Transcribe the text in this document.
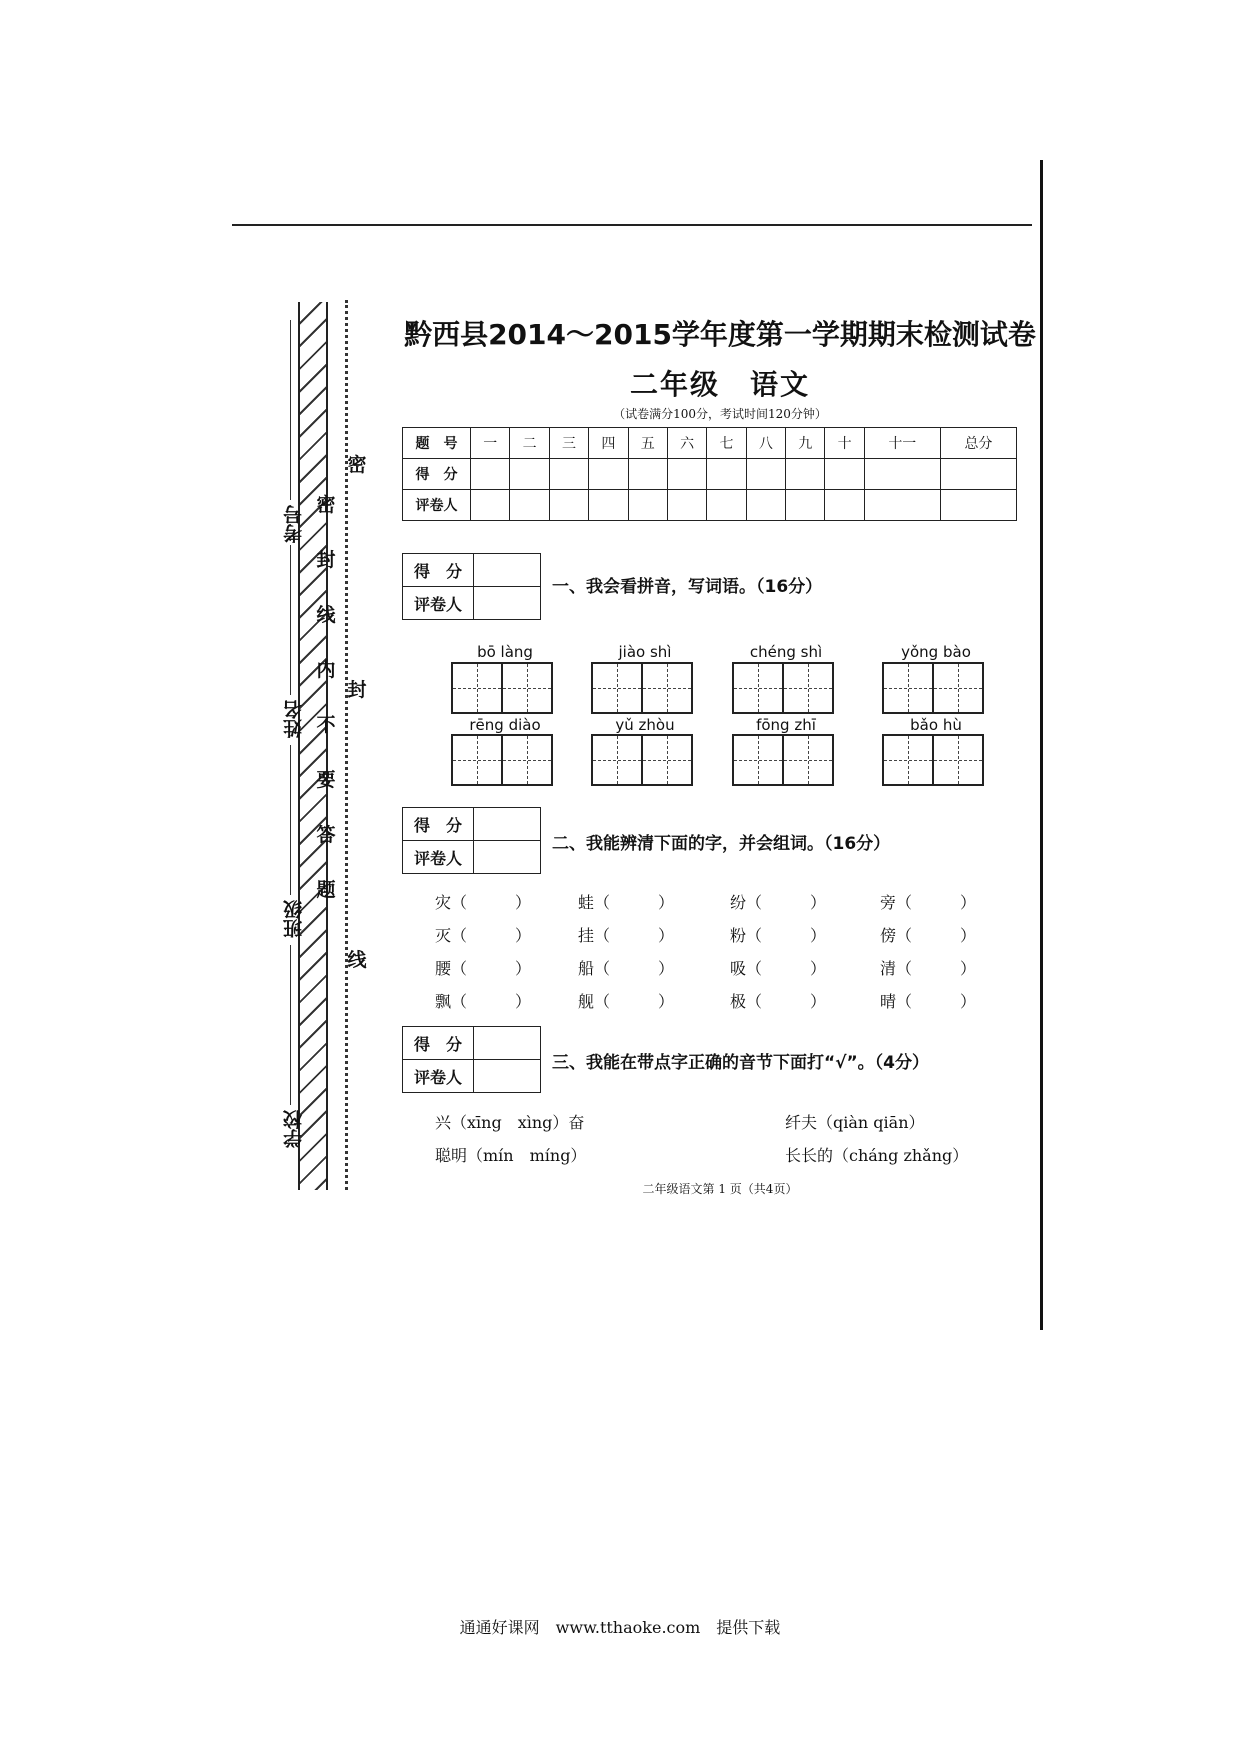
考号
姓名
班级
学校
密
封
线
内
不
要
答
题
密
封
线
黔西县2014～2015学年度第一学期期末检测试卷
二年级　语文
（试卷满分100分，考试时间120分钟）
题　号	一	二	三	四	五	六	七	八	九	十	十一	总分
得　分												
评卷人												
得　分	
评卷人	
一、我会看拼音，写词语。（16分）
bō làng	jiào shì	chéng shì	yǒng bào
rēng diào	yǔ zhòu	fōng zhī	bǎo hù
得　分	
评卷人	
二、我能辨清下面的字，并会组词。（16分）
灾（　　　）	蛙（　　　）	纷（　　　）	旁（　　　）
灭（　　　）	挂（　　　）	粉（　　　）	傍（　　　）
腰（　　　）	船（　　　）	吸（　　　）	清（　　　）
飘（　　　）	舰（　　　）	极（　　　）	晴（　　　）
得　分	
评卷人	
三、我能在带点字正确的音节下面打“√”。（4分）
兴（xīng　xìng）奋	纤夫（qiàn qiān）
聪明（mín　míng）	长长的（cháng zhǎng）
二年级语文第 1 页（共4页）
通通好课网　www.tthaoke.com　提供下载
